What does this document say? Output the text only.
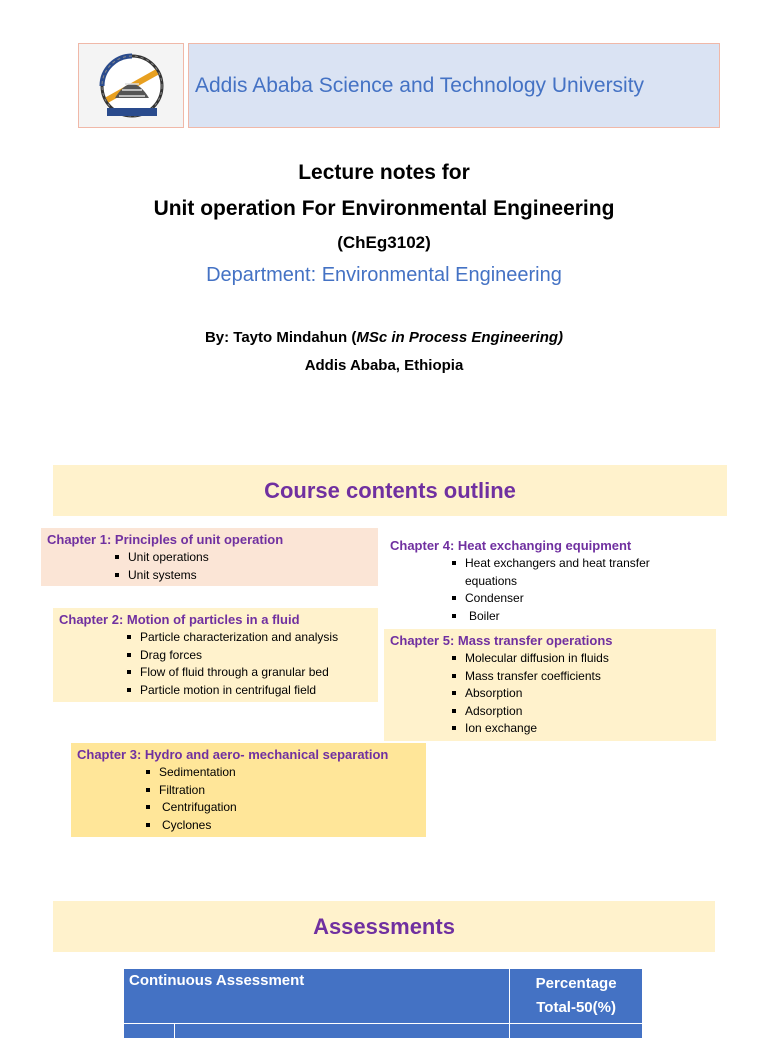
Addis Ababa Science and Technology University
Lecture notes for
Unit operation For Environmental Engineering
(ChEg3102)
Department: Environmental Engineering
By: Tayto Mindahun (MSc in Process Engineering)
Addis Ababa, Ethiopia
Course contents outline
Chapter 1: Principles of unit operation
Unit operations
Unit systems
Chapter 2: Motion of particles in a fluid
Particle characterization and analysis
Drag forces
Flow of fluid through a granular bed
Particle motion in centrifugal field
Chapter 3: Hydro and aero- mechanical separation
Sedimentation
Filtration
Centrifugation
Cyclones
Chapter 4: Heat exchanging equipment
Heat exchangers and heat transfer equations
Condenser
Boiler
Chapter 5: Mass transfer operations
Molecular diffusion in fluids
Mass transfer coefficients
Absorption
Adsorption
Ion exchange
Assessments
Continuous Assessment		Percentage
Total-50(%)
